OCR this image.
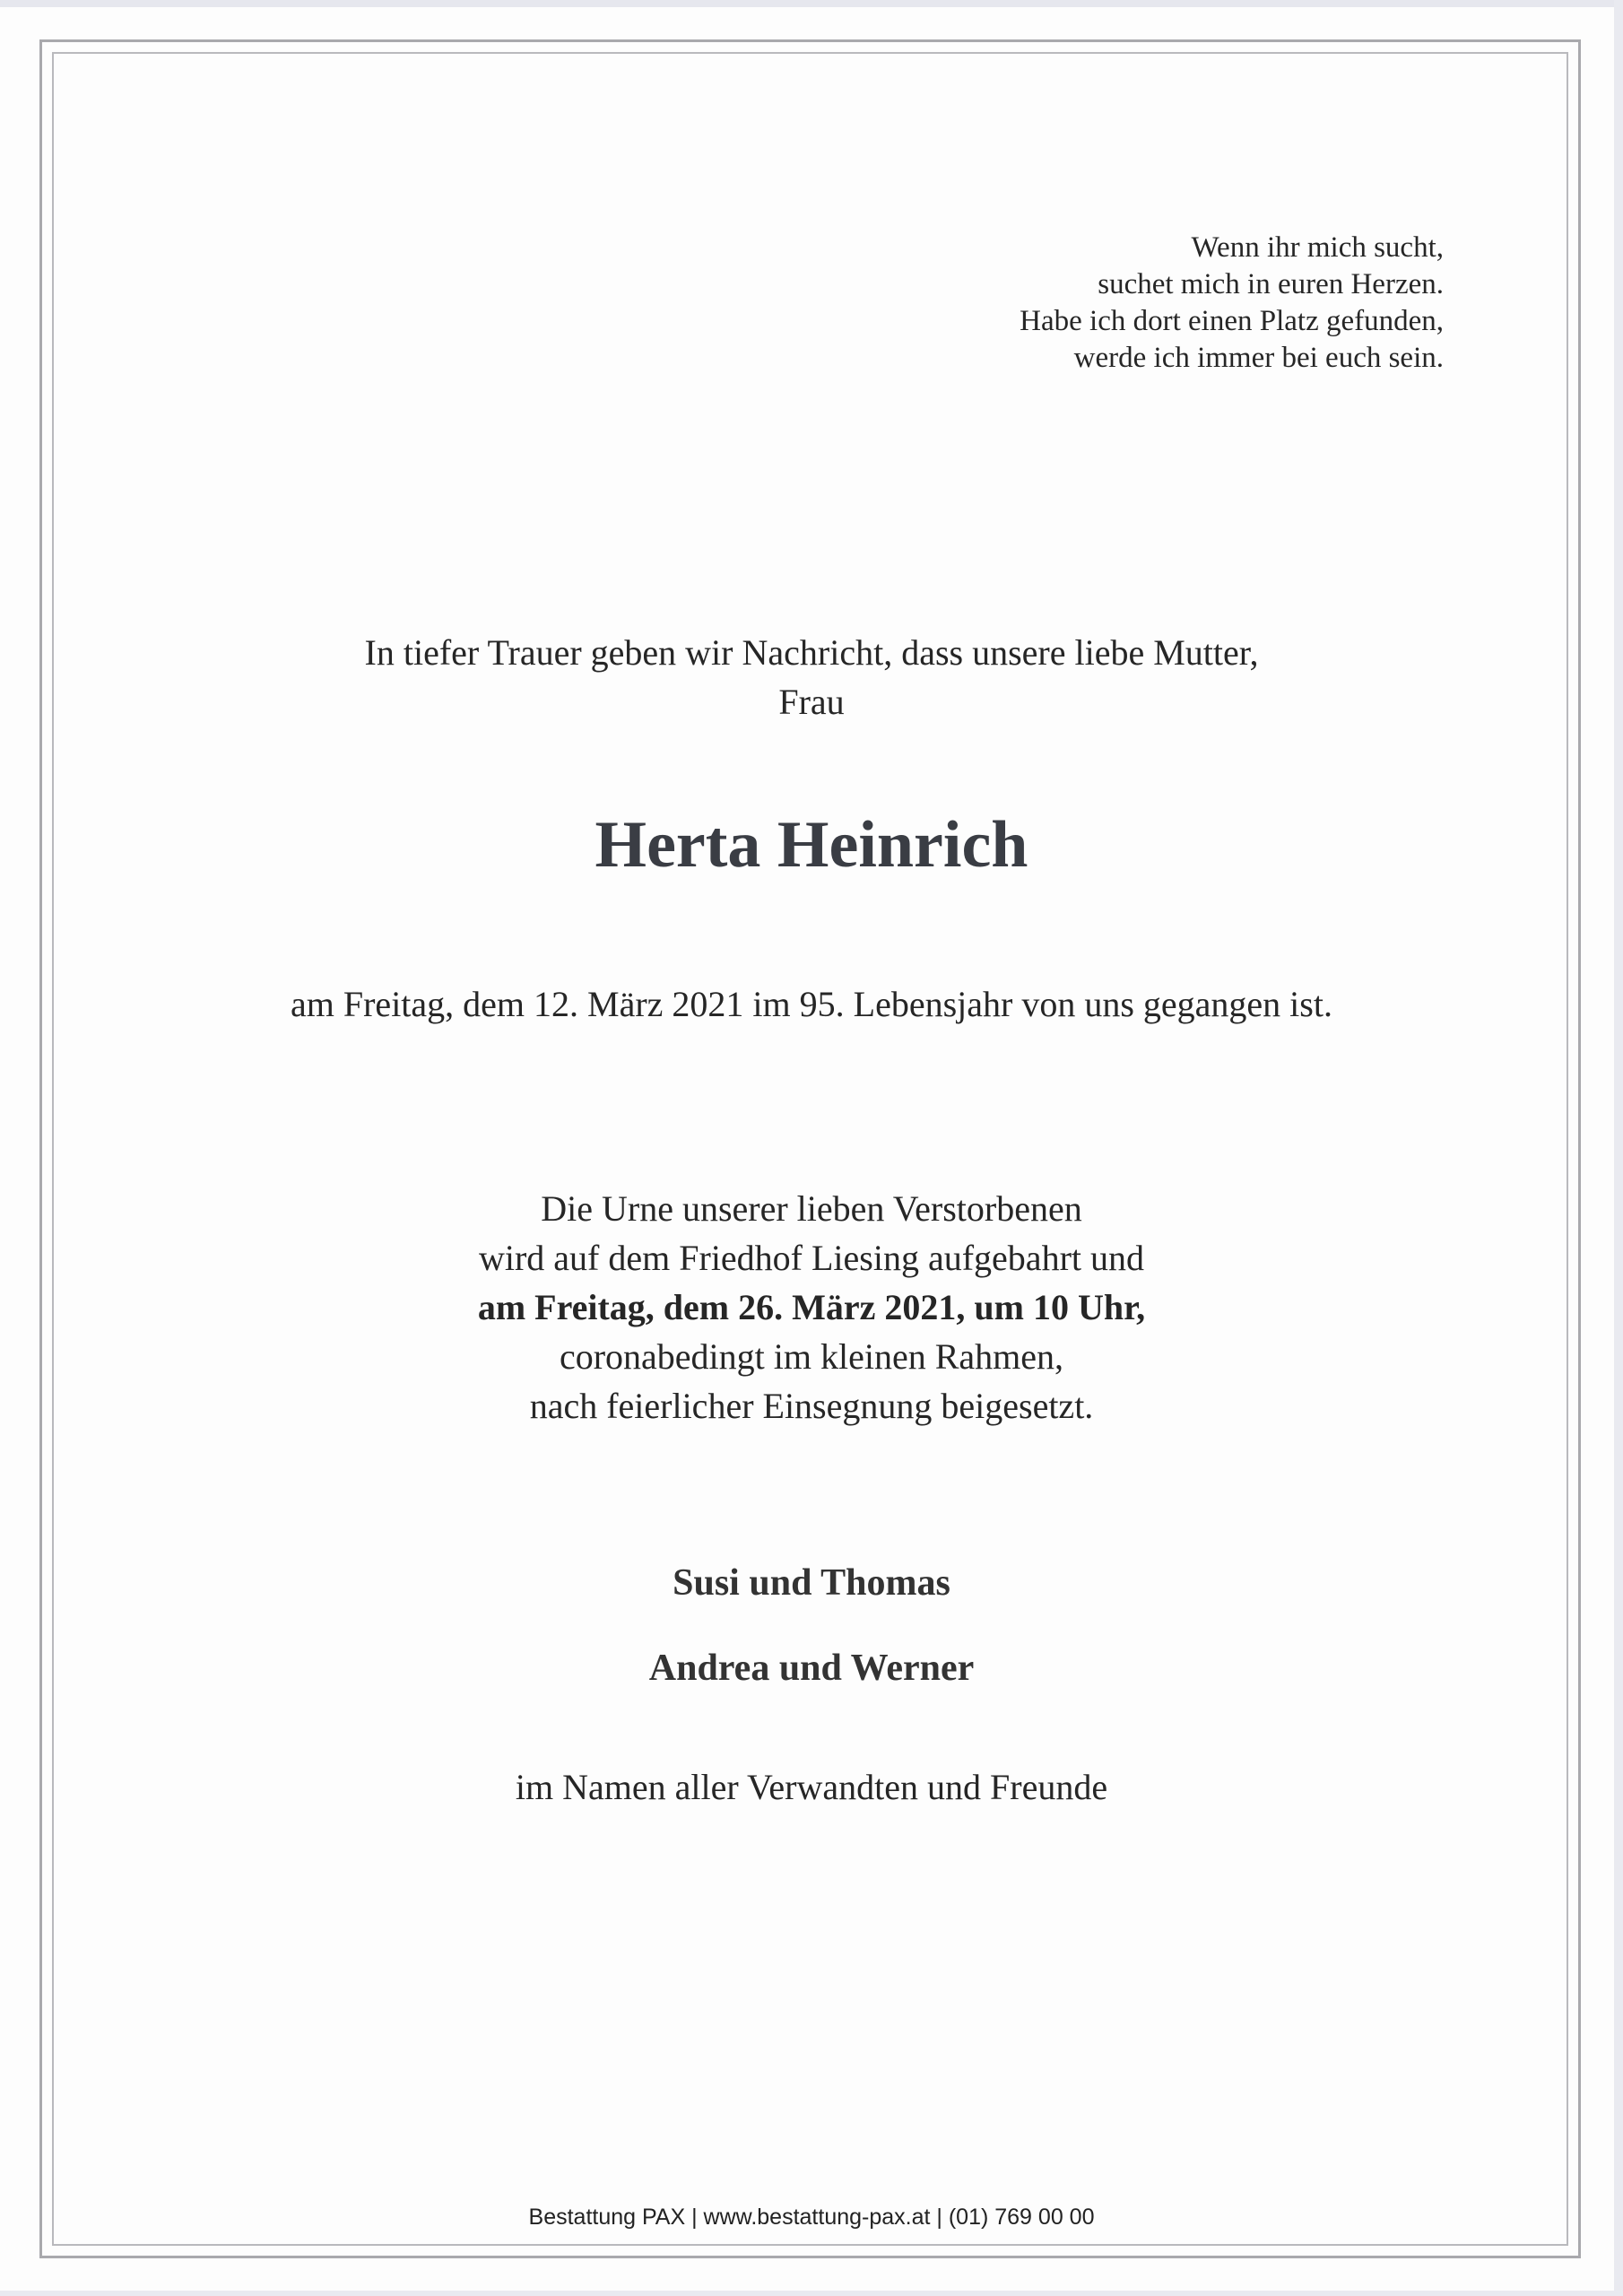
Wenn ihr mich sucht,
suchet mich in euren Herzen.
Habe ich dort einen Platz gefunden,
werde ich immer bei euch sein.
In tiefer Trauer geben wir Nachricht, dass unsere liebe Mutter,
Frau
Herta Heinrich
am Freitag, dem 12. März 2021 im 95. Lebensjahr von uns gegangen ist.
Die Urne unserer lieben Verstorbenen
wird auf dem Friedhof Liesing aufgebahrt und
am Freitag, dem 26. März 2021, um 10 Uhr,
coronabedingt im kleinen Rahmen,
nach feierlicher Einsegnung beigesetzt.
Susi und Thomas
Andrea und Werner
im Namen aller Verwandten und Freunde
Bestattung PAX | www.bestattung-pax.at | (01) 769 00 00
